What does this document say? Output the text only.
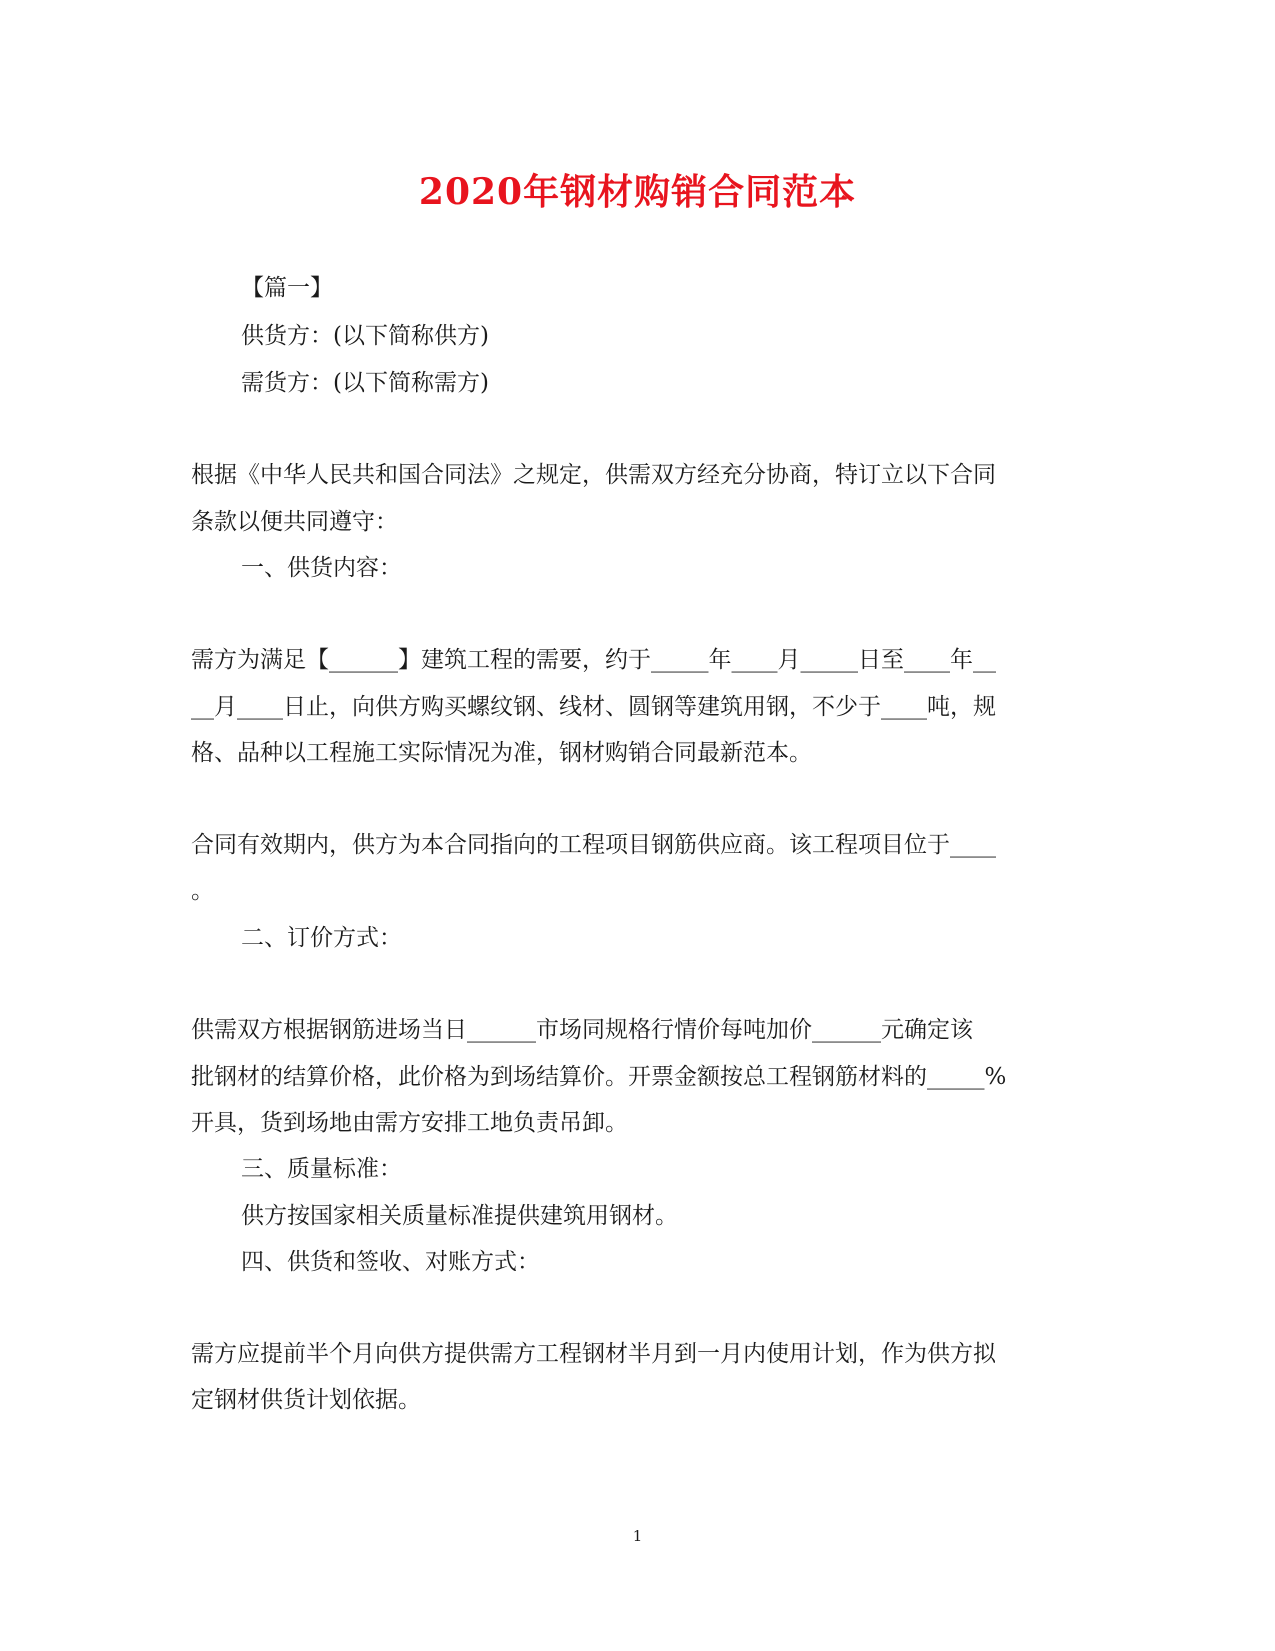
2020年钢材购销合同范本
【篇一】
供货方：(以下简称供方)
需货方：(以下简称需方)
根据《中华人民共和国合同法》之规定，供需双方经充分协商，特订立以下合同
条款以便共同遵守：
一、供货内容：
需方为满足【______】建筑工程的需要，约于_____年____月_____日至____年__
__月____日止，向供方购买螺纹钢、线材、圆钢等建筑用钢，不少于____吨，规
格、品种以工程施工实际情况为准，钢材购销合同最新范本。
合同有效期内，供方为本合同指向的工程项目钢筋供应商。该工程项目位于____
。
二、订价方式：
供需双方根据钢筋进场当日______市场同规格行情价每吨加价______元确定该
批钢材的结算价格，此价格为到场结算价。开票金额按总工程钢筋材料的_____%
开具，货到场地由需方安排工地负责吊卸。
三、质量标准：
供方按国家相关质量标准提供建筑用钢材。
四、供货和签收、对账方式：
需方应提前半个月向供方提供需方工程钢材半月到一月内使用计划，作为供方拟
定钢材供货计划依据。
1
